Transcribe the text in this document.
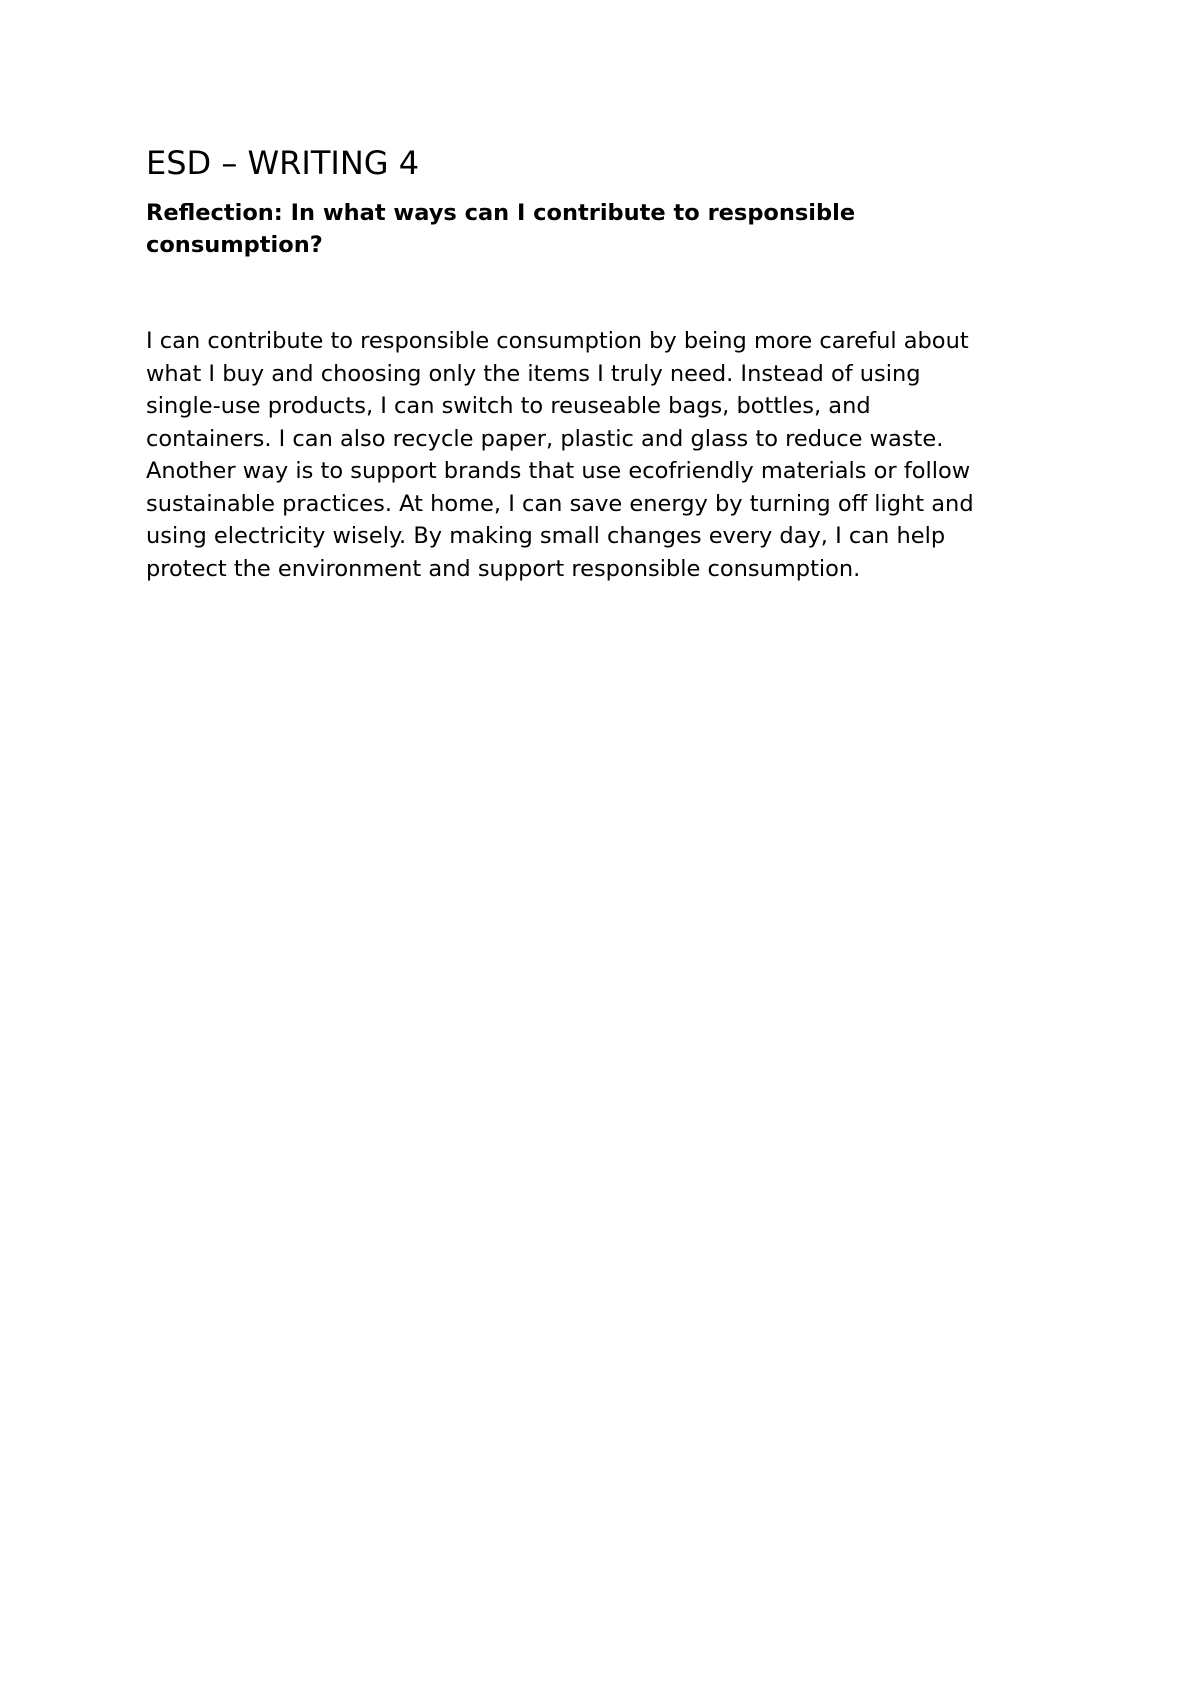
ESD – WRITING 4

Reflection: In what ways can I contribute to responsible
consumption?

I can contribute to responsible consumption by being more careful about
what I buy and choosing only the items I truly need. Instead of using
single-use products, I can switch to reuseable bags, bottles, and
containers. I can also recycle paper, plastic and glass to reduce waste.
Another way is to support brands that use ecofriendly materials or follow
sustainable practices. At home, I can save energy by turning off light and
using electricity wisely. By making small changes every day, I can help
protect the environment and support responsible consumption.
